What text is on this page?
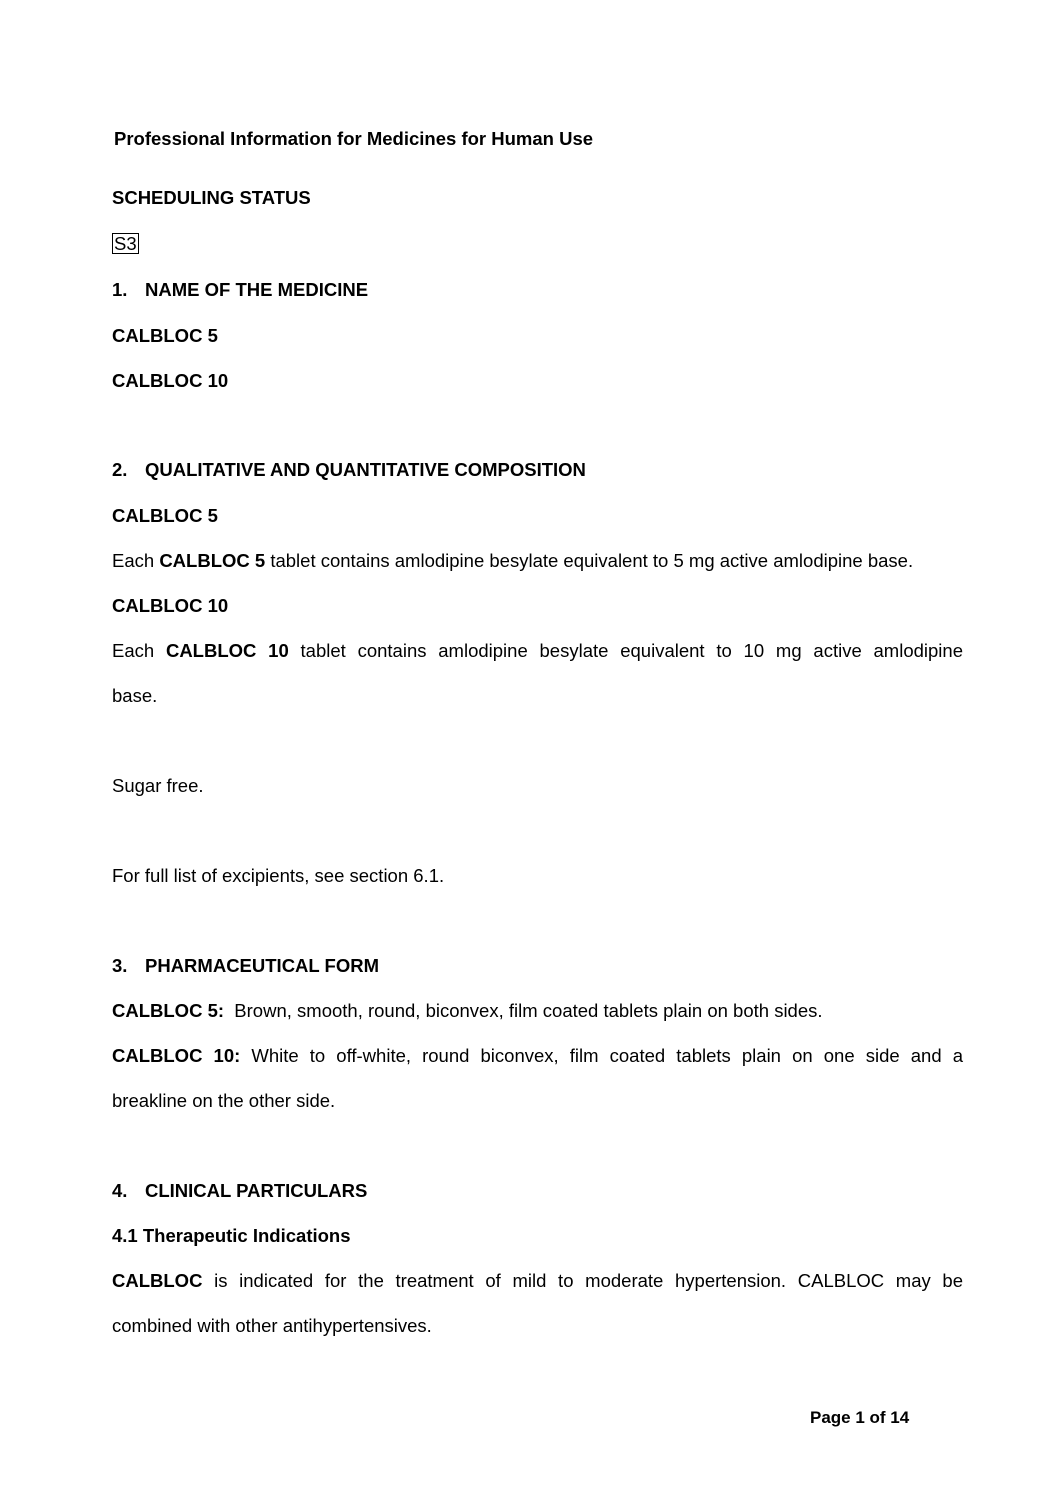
Professional Information for Medicines for Human Use
SCHEDULING STATUS
S3
1. NAME OF THE MEDICINE
CALBLOC 5
CALBLOC 10
2. QUALITATIVE AND QUANTITATIVE COMPOSITION
CALBLOC 5
Each CALBLOC 5 tablet contains amlodipine besylate equivalent to 5 mg active amlodipine base.
CALBLOC 10
Each CALBLOC 10 tablet contains amlodipine besylate equivalent to 10 mg active amlodipine
base.
Sugar free.
For full list of excipients, see section 6.1.
3. PHARMACEUTICAL FORM
CALBLOC 5:  Brown, smooth, round, biconvex, film coated tablets plain on both sides.
CALBLOC 10: White to off-white, round biconvex, film coated tablets plain on one side and a
breakline on the other side.
4. CLINICAL PARTICULARS
4.1 Therapeutic Indications
CALBLOC is indicated for the treatment of mild to moderate hypertension. CALBLOC may be
combined with other antihypertensives.
Page 1 of 14
